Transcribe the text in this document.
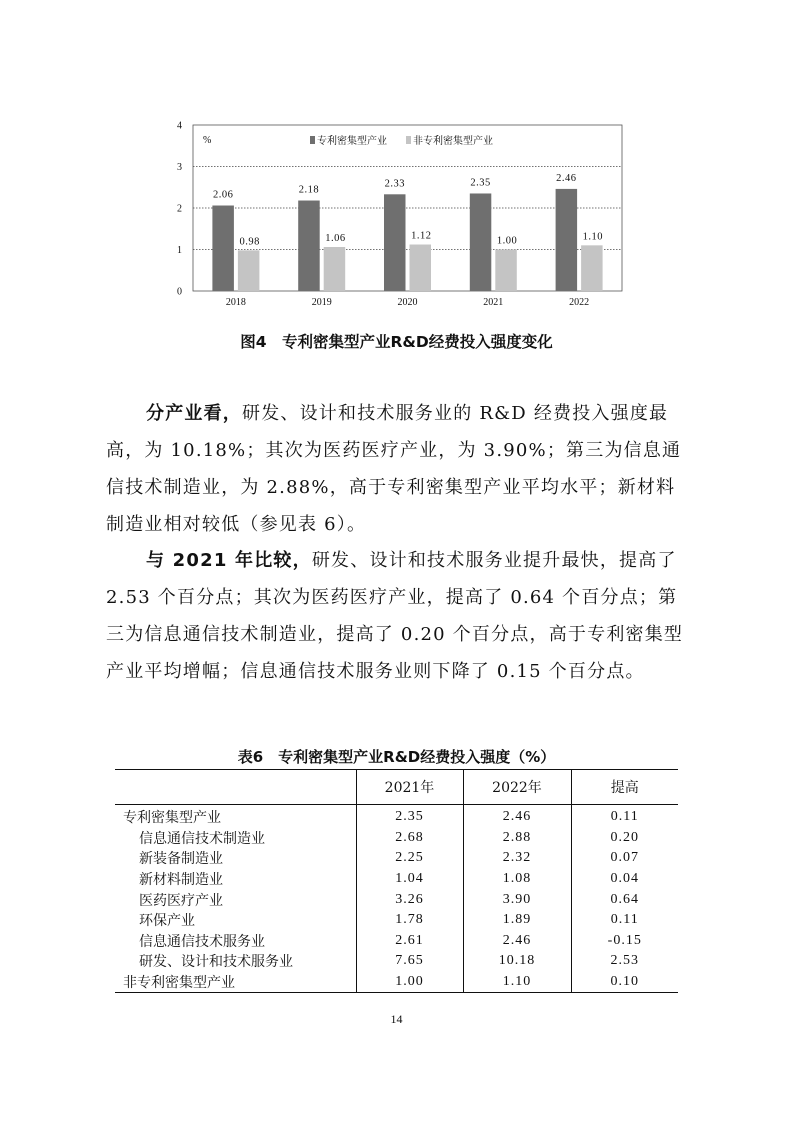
0
1
2
3
4
%
2.06
0.98
2018
2.18
1.06
2019
2.33
1.12
2020
2.35
1.00
2021
2.46
1.10
2022
专利密集型产业	非专利密集型产业
图4　专利密集型产业R&D经费投入强度变化

分产业看，研发、设计和技术服务业的 R&D 经费投入强度最高，为 10.18%；其次为医药医疗产业，为 3.90%；第三为信息通信技术制造业，为 2.88%，高于专利密集型产业平均水平；新材料制造业相对较低（参见表 6）。

与 2021 年比较，研发、设计和技术服务业提升最快，提高了 2.53 个百分点；其次为医药医疗产业，提高了 0.64 个百分点；第三为信息通信技术制造业，提高了 0.20 个百分点，高于专利密集型产业平均增幅；信息通信技术服务业则下降了 0.15 个百分点。

表6　专利密集型产业R&D经费投入强度（%）
	2021年	2022年	提高
专利密集型产业	2.35	2.46	0.11
信息通信技术制造业	2.68	2.88	0.20
新装备制造业	2.25	2.32	0.07
新材料制造业	1.04	1.08	0.04
医药医疗产业	3.26	3.90	0.64
环保产业	1.78	1.89	0.11
信息通信技术服务业	2.61	2.46	-0.15
研发、设计和技术服务业	7.65	10.18	2.53
非专利密集型产业	1.00	1.10	0.10
14
